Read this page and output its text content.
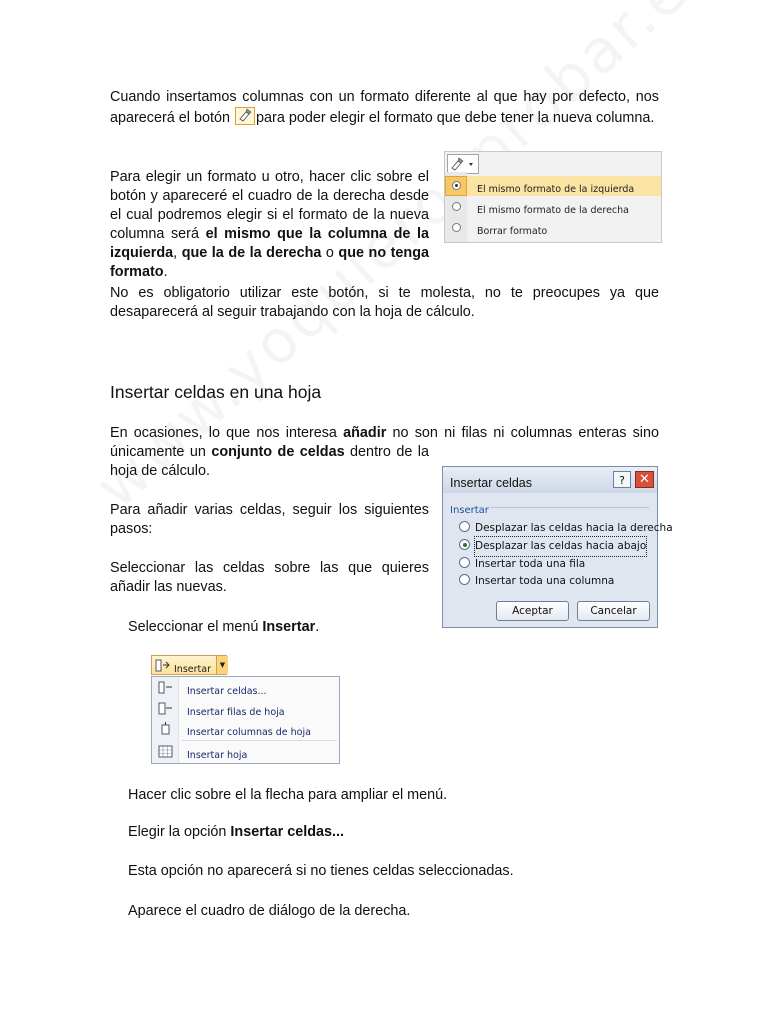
Cuando insertamos columnas con un formato diferente al que hay por defecto, nos aparecerá el botón
para poder elegir el formato que debe tener la nueva columna.

Para elegir un formato u otro, hacer clic sobre el botón y apareceré el cuadro de la derecha desde el cual podremos elegir si el formato de la nueva columna será el mismo que la columna de la izquierda, que la de la derecha o que no tenga formato.

El mismo formato de la izquierda
El mismo formato de la derecha
Borrar formato

No es obligatorio utilizar este botón, si te molesta, no te preocupes ya que desaparecerá al seguir trabajando con la hoja de cálculo.

Insertar celdas en una hoja

En ocasiones, lo que nos interesa añadir no son ni filas ni columnas enteras sino

únicamente un conjunto de celdas dentro de la hoja de cálculo.

Para añadir varias celdas, seguir los siguientes pasos:

Seleccionar las celdas sobre las que quieres añadir las nuevas.

Insertar celdas	?	✕
Insertar
Desplazar las celdas hacia la derecha
Desplazar las celdas hacia abajo
Insertar toda una fila
Insertar toda una columna
Aceptar	Cancelar

Seleccionar el menú Insertar.

Insertar	▼
Insertar celdas...
Insertar filas de hoja
Insertar columnas de hoja
Insertar hoja

Hacer clic sobre el la flecha para ampliar el menú.

Elegir la opción Insertar celdas...

Esta opción no aparecerá si no tienes celdas seleccionadas.

Aparece el cuadro de diálogo de la derecha.
